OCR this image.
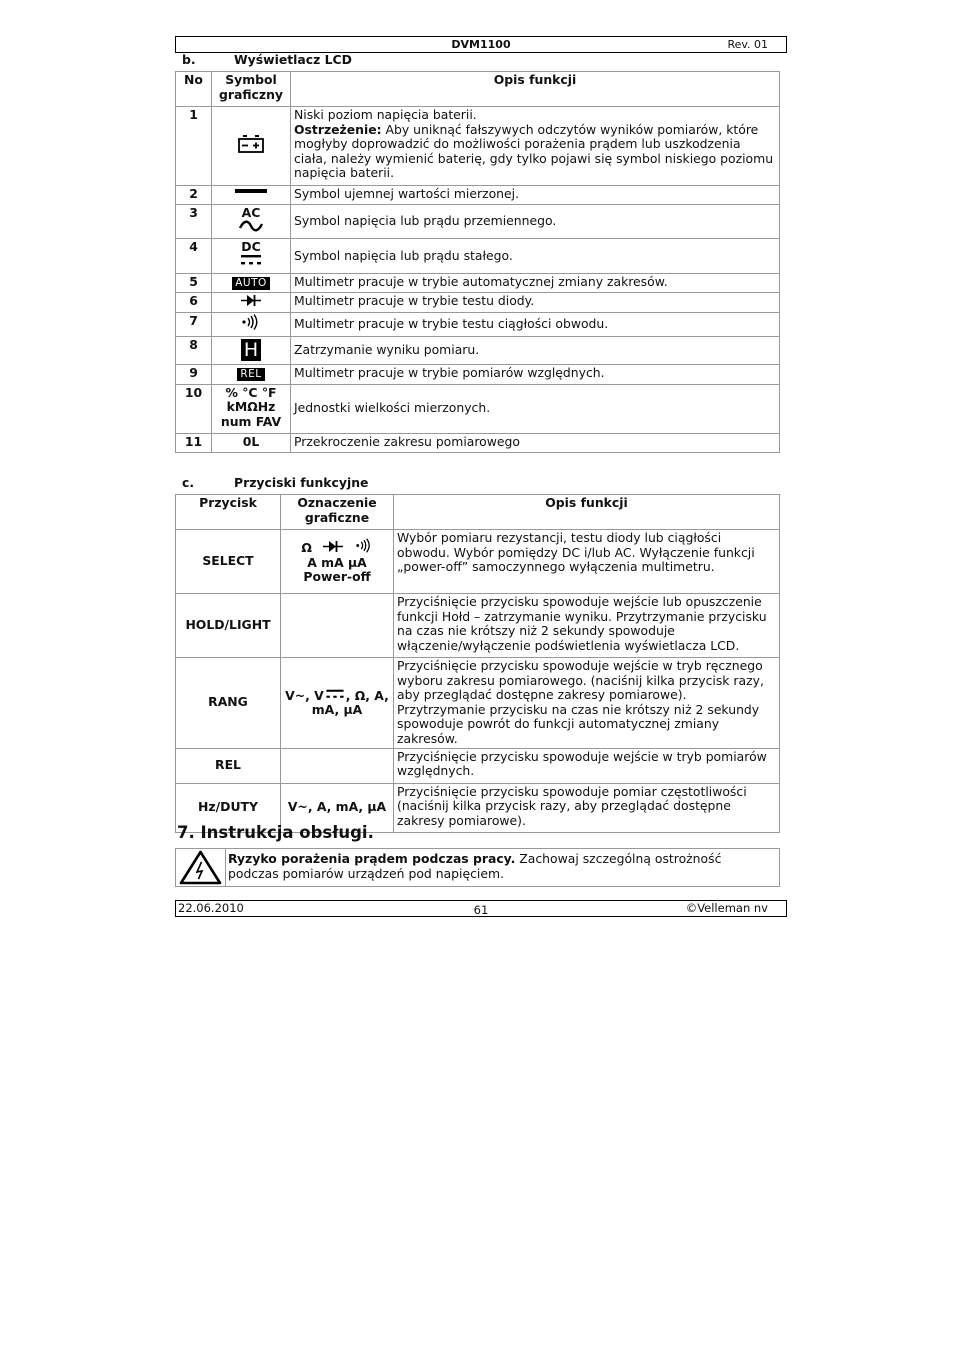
DVM1100	Rev. 01
b.	Wyświetlacz LCD
No	Symbol graficzny	Opis funkcji
1		Niski poziom napięcia baterii.
Ostrzeżenie: Aby uniknąć fałszywych odczytów wyników pomiarów, które mogłyby doprowadzić do możliwości porażenia prądem lub uszkodzenia ciała, należy wymienić baterię, gdy tylko pojawi się symbol niskiego poziomu napięcia baterii.
2		Symbol ujemnej wartości mierzonej.
3	AC	Symbol napięcia lub prądu przemiennego.
4	DC	Symbol napięcia lub prądu stałego.
5	AUTO	Multimetr pracuje w trybie automatycznej zmiany zakresów.
6		Multimetr pracuje w trybie testu diody.
7		Multimetr pracuje w trybie testu ciągłości obwodu.
8	H	Zatrzymanie wyniku pomiaru.
9	REL	Multimetr pracuje w trybie pomiarów względnych.
10	% °C °F
kMΩHz
num FAV	Jednostki wielkości mierzonych.
11	0L	Przekroczenie zakresu pomiarowego
c.	Przyciski funkcyjne
Przycisk	Oznaczenie graficzne	Opis funkcji
SELECT	Ω
A mA µA
Power-off	Wybór pomiaru rezystancji, testu diody lub ciągłości obwodu. Wybór pomiędzy DC i/lub AC. Wyłączenie funkcji „power-off” samoczynnego wyłączenia multimetru.
HOLD/LIGHT		Przyciśnięcie przycisku spowoduje wejście lub opuszczenie funkcji Hołd – zatrzymanie wyniku. Przytrzymanie przycisku na czas nie krótszy niż 2 sekundy spowoduje włączenie/wyłączenie podświetlenia wyświetlacza LCD.
RANG	V~, V , Ω, A,
mA, µA	Przyciśnięcie przycisku spowoduje wejście w tryb ręcznego wyboru zakresu pomiarowego. (naciśnij kilka przycisk razy, aby przeglądać dostępne zakresy pomiarowe). Przytrzymanie przycisku na czas nie krótszy niż 2 sekundy spowoduje powrót do funkcji automatycznej zmiany zakresów.
REL		Przyciśnięcie przycisku spowoduje wejście w tryb pomiarów względnych.
Hz/DUTY	V~, A, mA, µA	Przyciśnięcie przycisku spowoduje pomiar częstotliwości (naciśnij kilka przycisk razy, aby przeglądać dostępne zakresy pomiarowe).
7. Instrukcja obsługi.
Ryzyko porażenia prądem podczas pracy. Zachowaj szczególną ostrożność podczas pomiarów urządzeń pod napięciem.
22.06.2010	61	©Velleman nv
